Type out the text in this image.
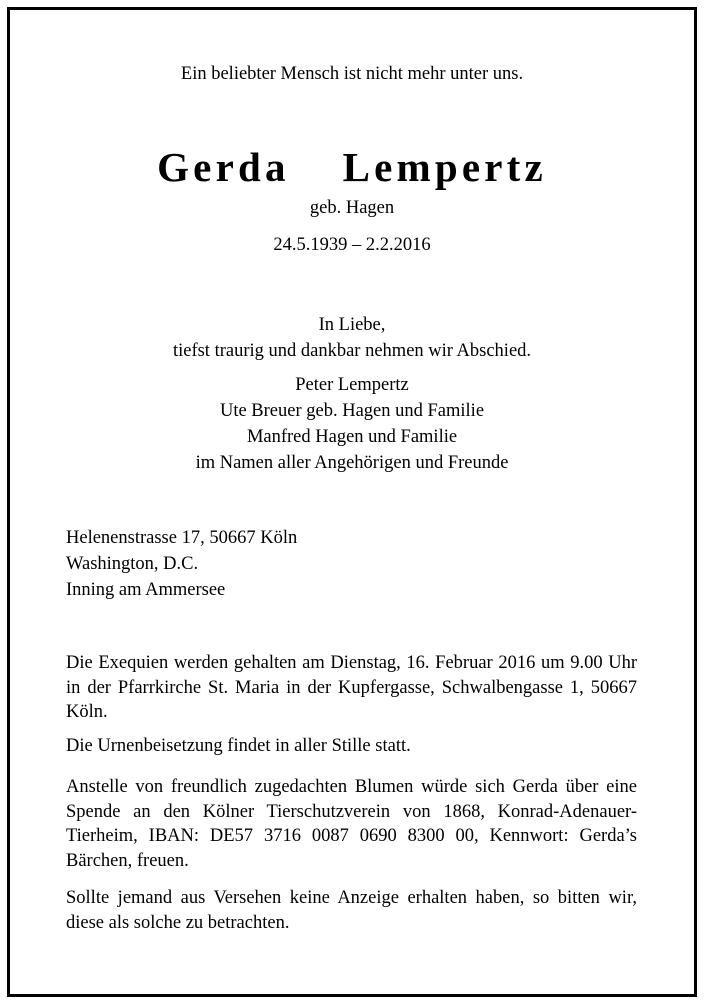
Ein beliebter Mensch ist nicht mehr unter uns.
Gerda  Lempertz
geb. Hagen
24.5.1939 – 2.2.2016
In Liebe,
tiefst traurig und dankbar nehmen wir Abschied.
Peter Lempertz
Ute Breuer geb. Hagen und Familie
Manfred Hagen und Familie
im Namen aller Angehörigen und Freunde
Helenenstrasse 17, 50667 Köln
Washington, D.C.
Inning am Ammersee
Die Exequien werden gehalten am Dienstag, 16. Februar 2016 um 9.00 Uhr in der Pfarrkirche St. Maria in der Kupfergasse, Schwalbengasse 1, 50667 Köln.
Die Urnenbeisetzung findet in aller Stille statt.
Anstelle von freundlich zugedachten Blumen würde sich Gerda über eine Spende an den Kölner Tierschutzverein von 1868, Konrad-Adenauer-Tierheim, IBAN: DE57 3716 0087 0690 8300 00, Kennwort: Gerda’s Bärchen, freuen.
Sollte jemand aus Versehen keine Anzeige erhalten haben, so bitten wir, diese als solche zu betrachten.
